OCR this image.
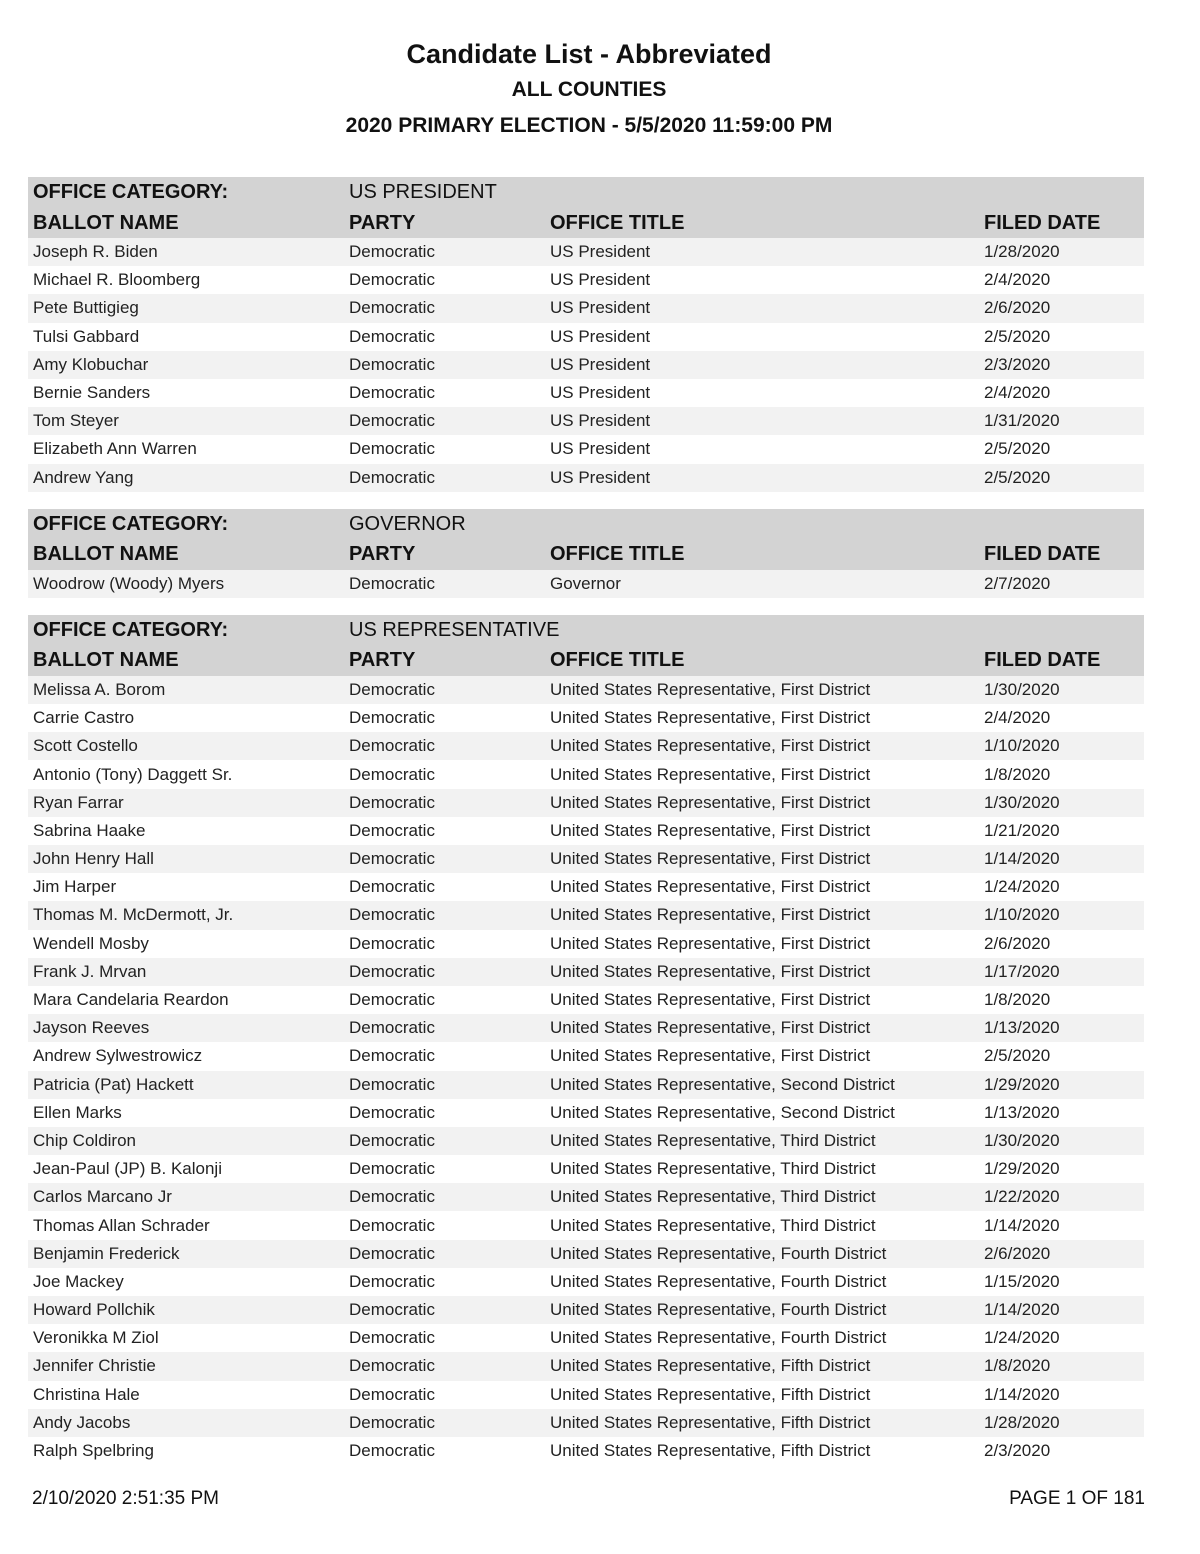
Candidate List - Abbreviated
ALL COUNTIES
2020 PRIMARY ELECTION - 5/5/2020 11:59:00 PM
OFFICE CATEGORY:	US PRESIDENT
BALLOT NAME	PARTY	OFFICE TITLE	FILED DATE
Joseph R. Biden	Democratic	US President	1/28/2020
Michael R. Bloomberg	Democratic	US President	2/4/2020
Pete Buttigieg	Democratic	US President	2/6/2020
Tulsi Gabbard	Democratic	US President	2/5/2020
Amy Klobuchar	Democratic	US President	2/3/2020
Bernie Sanders	Democratic	US President	2/4/2020
Tom Steyer	Democratic	US President	1/31/2020
Elizabeth Ann Warren	Democratic	US President	2/5/2020
Andrew Yang	Democratic	US President	2/5/2020
OFFICE CATEGORY:	GOVERNOR
BALLOT NAME	PARTY	OFFICE TITLE	FILED DATE
Woodrow (Woody) Myers	Democratic	Governor	2/7/2020
OFFICE CATEGORY:	US REPRESENTATIVE
BALLOT NAME	PARTY	OFFICE TITLE	FILED DATE
Melissa A. Borom	Democratic	United States Representative, First District	1/30/2020
Carrie Castro	Democratic	United States Representative, First District	2/4/2020
Scott Costello	Democratic	United States Representative, First District	1/10/2020
Antonio (Tony) Daggett Sr.	Democratic	United States Representative, First District	1/8/2020
Ryan Farrar	Democratic	United States Representative, First District	1/30/2020
Sabrina Haake	Democratic	United States Representative, First District	1/21/2020
John Henry Hall	Democratic	United States Representative, First District	1/14/2020
Jim Harper	Democratic	United States Representative, First District	1/24/2020
Thomas M. McDermott, Jr.	Democratic	United States Representative, First District	1/10/2020
Wendell Mosby	Democratic	United States Representative, First District	2/6/2020
Frank J. Mrvan	Democratic	United States Representative, First District	1/17/2020
Mara Candelaria Reardon	Democratic	United States Representative, First District	1/8/2020
Jayson Reeves	Democratic	United States Representative, First District	1/13/2020
Andrew Sylwestrowicz	Democratic	United States Representative, First District	2/5/2020
Patricia (Pat) Hackett	Democratic	United States Representative, Second District	1/29/2020
Ellen Marks	Democratic	United States Representative, Second District	1/13/2020
Chip Coldiron	Democratic	United States Representative, Third District	1/30/2020
Jean-Paul (JP) B. Kalonji	Democratic	United States Representative, Third District	1/29/2020
Carlos Marcano Jr	Democratic	United States Representative, Third District	1/22/2020
Thomas Allan Schrader	Democratic	United States Representative, Third District	1/14/2020
Benjamin Frederick	Democratic	United States Representative, Fourth District	2/6/2020
Joe Mackey	Democratic	United States Representative, Fourth District	1/15/2020
Howard Pollchik	Democratic	United States Representative, Fourth District	1/14/2020
Veronikka M Ziol	Democratic	United States Representative, Fourth District	1/24/2020
Jennifer Christie	Democratic	United States Representative, Fifth District	1/8/2020
Christina Hale	Democratic	United States Representative, Fifth District	1/14/2020
Andy Jacobs	Democratic	United States Representative, Fifth District	1/28/2020
Ralph Spelbring	Democratic	United States Representative, Fifth District	2/3/2020
2/10/2020 2:51:35 PM	PAGE 1 OF 181
